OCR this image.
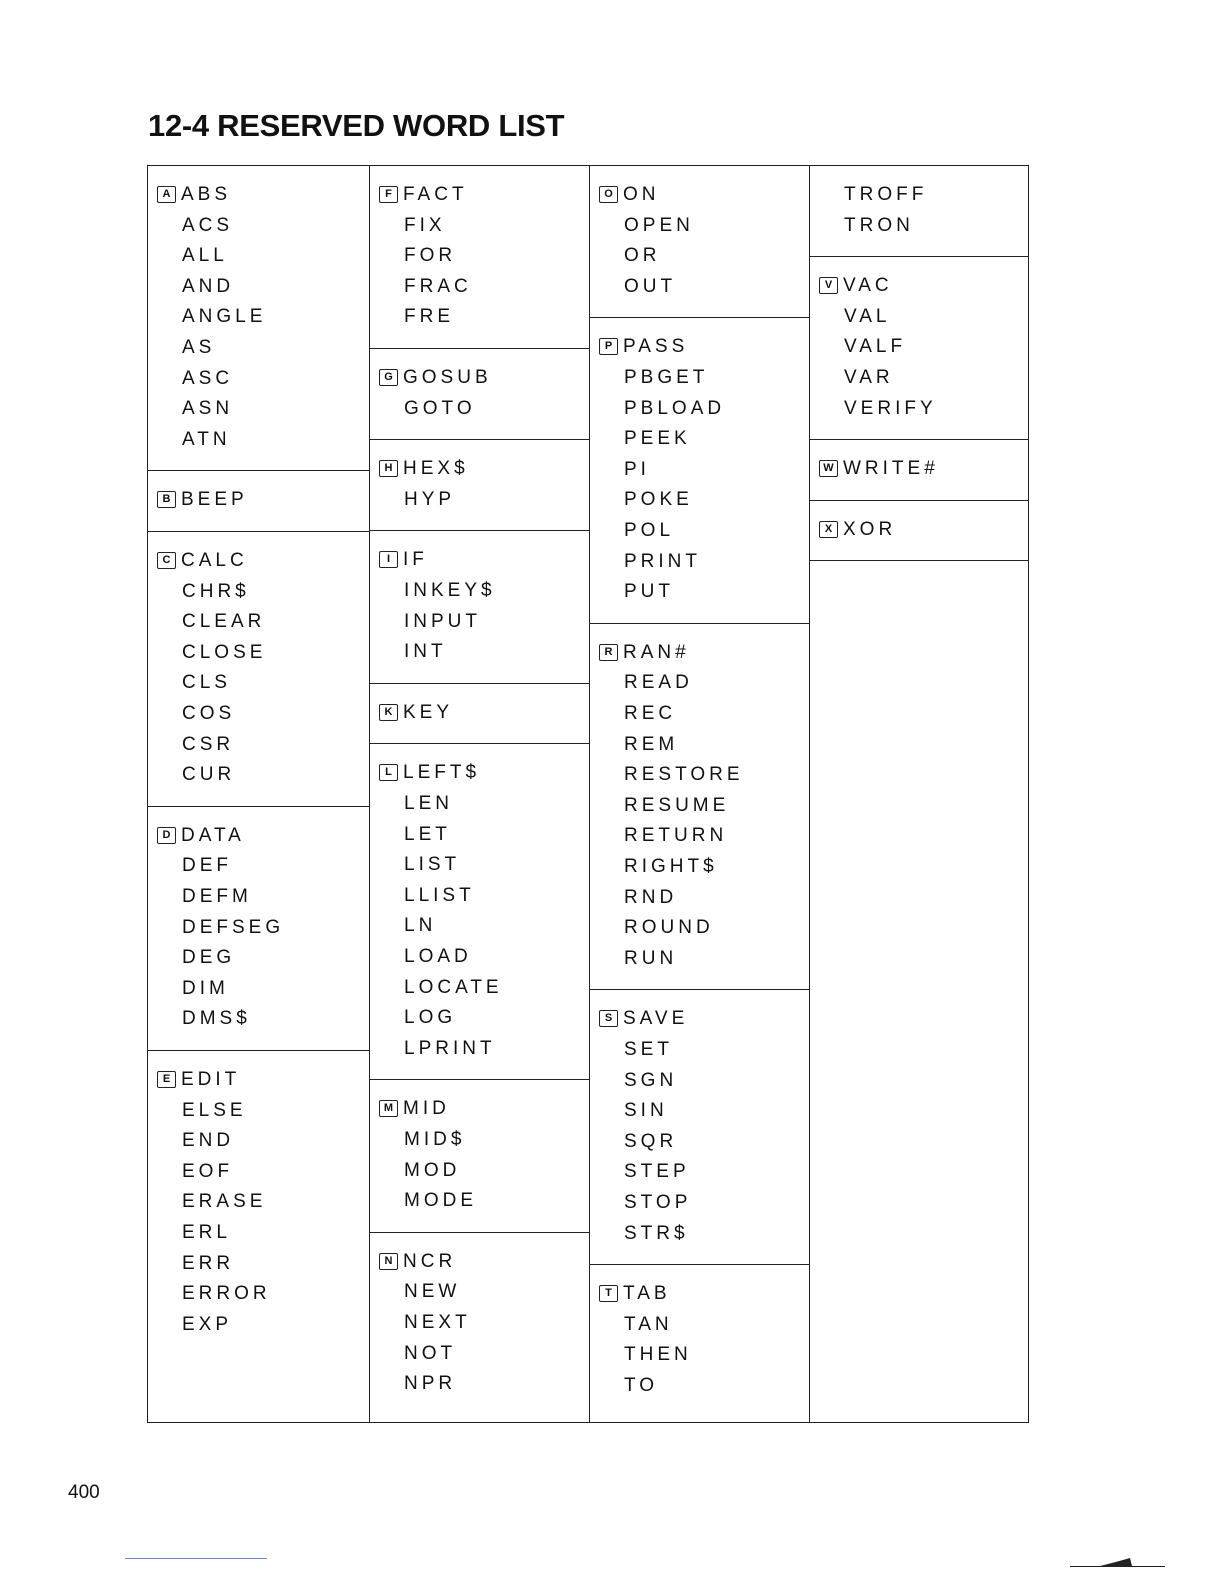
12-4 RESERVED WORD LIST
A ABS
ACS
ALL
AND
ANGLE
AS
ASC
ASN
ATN
B BEEP
C CALC
CHR$
CLEAR
CLOSE
CLS
COS
CSR
CUR
D DATA
DEF
DEFM
DEFSEG
DEG
DIM
DMS$
E EDIT
ELSE
END
EOF
ERASE
ERL
ERR
ERROR
EXP
F FACT
FIX
FOR
FRAC
FRE
G GOSUB
GOTO
H HEX$
HYP
I IF
INKEY$
INPUT
INT
K KEY
L LEFT$
LEN
LET
LIST
LLIST
LN
LOAD
LOCATE
LOG
LPRINT
M MID
MID$
MOD
MODE
N NCR
NEW
NEXT
NOT
NPR
O ON
OPEN
OR
OUT
P PASS
PBGET
PBLOAD
PEEK
PI
POKE
POL
PRINT
PUT
R RAN#
READ
REC
REM
RESTORE
RESUME
RETURN
RIGHT$
RND
ROUND
RUN
S SAVE
SET
SGN
SIN
SQR
STEP
STOP
STR$
T TAB
TAN
THEN
TO
TROFF
TRON
V VAC
VAL
VALF
VAR
VERIFY
W WRITE#
X XOR
400
